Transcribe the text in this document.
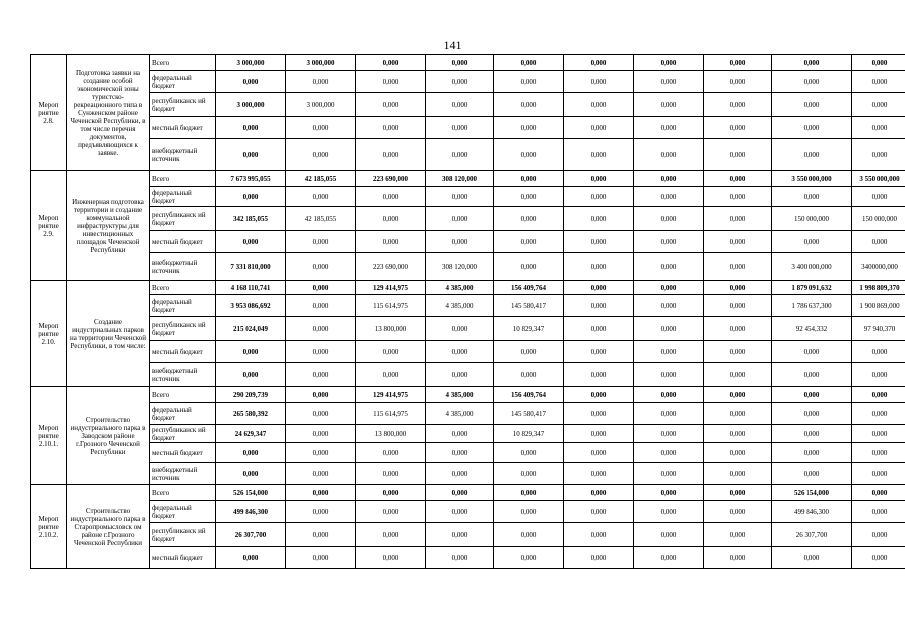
141
Мероп
риятие
2.8.	Подготовка заявки на создание особой экономической зоны туристско-рекреационного типа в Сунженском районе Чеченской Республики, в том числе перечня документов, предъявляющихся к заявке.	Всего	3 000,000	3 000,000	0,000	0,000	0,000	0,000	0,000	0,000	0,000	0,000
		федеральный бюджет	0,000	0,000	0,000	0,000	0,000	0,000	0,000	0,000	0,000	0,000
		республиканск ий бюджет	3 000,000	3 000,000	0,000	0,000	0,000	0,000	0,000	0,000	0,000	0,000
		местный бюджет	0,000	0,000	0,000	0,000	0,000	0,000	0,000	0,000	0,000	0,000
		внебюджетный источник	0,000	0,000	0,000	0,000	0,000	0,000	0,000	0,000	0,000	0,000
Мероп
риятие
2.9.	Инженерная подготовка территории и создание коммунальной инфраструктуры для инвестиционных площадок Чеченской Республики	Всего	7 673 995,055	42 185,055	223 690,000	308 120,000	0,000	0,000	0,000	0,000	3 550 000,000	3 550 000,000
		федеральный бюджет	0,000	0,000	0,000	0,000	0,000	0,000	0,000	0,000	0,000	0,000
		республиканск ий бюджет	342 185,055	42 185,055	0,000	0,000	0,000	0,000	0,000	0,000	150 000,000	150 000,000
		местный бюджет	0,000	0,000	0,000	0,000	0,000	0,000	0,000	0,000	0,000	0,000
		внебюджетный источник	7 331 810,000	0,000	223 690,000	308 120,000	0,000	0,000	0,000	0,000	3 400 000,000	3400000,000
Мероп
риятие
2.10.	Создание индустриальных парков на территории Чеченской Республики, в том числе:	Всего	4 168 110,741	0,000	129 414,975	4 385,000	156 409,764	0,000	0,000	0,000	1 879 091,632	1 998 809,370
		федеральный бюджет	3 953 086,692	0,000	115 614,975	4 385,000	145 580,417	0,000	0,000	0,000	1 786 637,300	1 900 869,000
		республиканск ий бюджет	215 024,049	0,000	13 800,000	0,000	10 829,347	0,000	0,000	0,000	92 454,332	97 940,370
		местный бюджет	0,000	0,000	0,000	0,000	0,000	0,000	0,000	0,000	0,000	0,000
		внебюджетный источник	0,000	0,000	0,000	0,000	0,000	0,000	0,000	0,000	0,000	0,000
Мероп
риятие
2.10.1.	Строительство индустриального парка в Заводском районе г.Грозного Чеченской Республики	Всего	290 209,739	0,000	129 414,975	4 385,000	156 409,764	0,000	0,000	0,000	0,000	0,000
		федеральный бюджет	265 580,392	0,000	115 614,975	4 385,000	145 580,417	0,000	0,000	0,000	0,000	0,000
		республиканск ий бюджет	24 629,347	0,000	13 800,000	0,000	10 829,347	0,000	0,000	0,000	0,000	0,000
		местный бюджет	0,000	0,000	0,000	0,000	0,000	0,000	0,000	0,000	0,000	0,000
		внебюджетный источник	0,000	0,000	0,000	0,000	0,000	0,000	0,000	0,000	0,000	0,000
Мероп
риятие
2.10.2.	Строительство индустриального парка в Старопромысловск ом районе г.Грозного Чеченской Республики	Всего	526 154,000	0,000	0,000	0,000	0,000	0,000	0,000	0,000	526 154,000	0,000
		федеральный бюджет	499 846,300	0,000	0,000	0,000	0,000	0,000	0,000	0,000	499 846,300	0,000
		республиканск ий бюджет	26 307,700	0,000	0,000	0,000	0,000	0,000	0,000	0,000	26 307,700	0,000
		местный бюджет	0,000	0,000	0,000	0,000	0,000	0,000	0,000	0,000	0,000	0,000
